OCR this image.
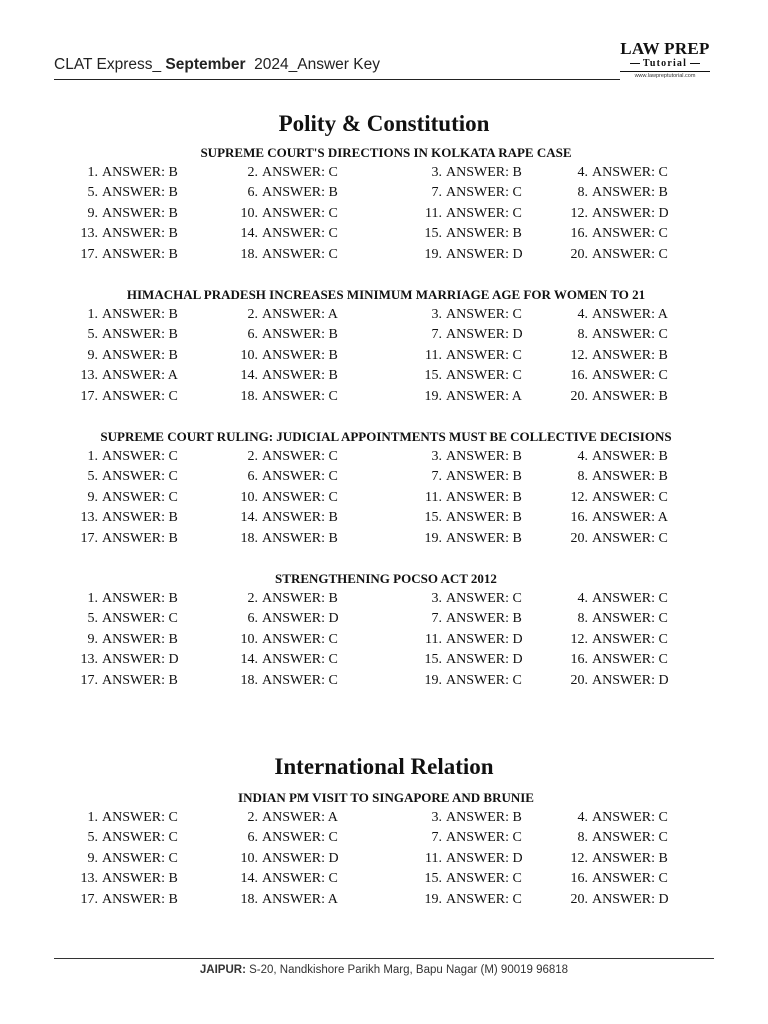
CLAT Express_ September  2024_Answer Key
LAW PREP
Tutorial
www.lawpreptutorial.com
Polity & Constitution
SUPREME COURT'S DIRECTIONS IN KOLKATA RAPE CASE
1. ANSWER: B	2. ANSWER: C	3. ANSWER: B	4. ANSWER: C
5. ANSWER: B	6. ANSWER: B	7. ANSWER: C	8. ANSWER: B
9. ANSWER: B	10. ANSWER: C	11. ANSWER: C	12. ANSWER: D
13. ANSWER: B	14. ANSWER: C	15. ANSWER: B	16. ANSWER: C
17. ANSWER: B	18. ANSWER: C	19. ANSWER: D	20. ANSWER: C
HIMACHAL PRADESH INCREASES MINIMUM MARRIAGE AGE FOR WOMEN TO 21
1. ANSWER: B	2. ANSWER: A	3. ANSWER: C	4. ANSWER: A
5. ANSWER: B	6. ANSWER: B	7. ANSWER: D	8. ANSWER: C
9. ANSWER: B	10. ANSWER: B	11. ANSWER: C	12. ANSWER: B
13. ANSWER: A	14. ANSWER: B	15. ANSWER: C	16. ANSWER: C
17. ANSWER: C	18. ANSWER: C	19. ANSWER: A	20. ANSWER: B
SUPREME COURT RULING: JUDICIAL APPOINTMENTS MUST BE COLLECTIVE DECISIONS
1. ANSWER: C	2. ANSWER: C	3. ANSWER: B	4. ANSWER: B
5. ANSWER: C	6. ANSWER: C	7. ANSWER: B	8. ANSWER: B
9. ANSWER: C	10. ANSWER: C	11. ANSWER: B	12. ANSWER: C
13. ANSWER: B	14. ANSWER: B	15. ANSWER: B	16. ANSWER: A
17. ANSWER: B	18. ANSWER: B	19. ANSWER: B	20. ANSWER: C
STRENGTHENING POCSO ACT 2012
1. ANSWER: B	2. ANSWER: B	3. ANSWER: C	4. ANSWER: C
5. ANSWER: C	6. ANSWER: D	7. ANSWER: B	8. ANSWER: C
9. ANSWER: B	10. ANSWER: C	11. ANSWER: D	12. ANSWER: C
13. ANSWER: D	14. ANSWER: C	15. ANSWER: D	16. ANSWER: C
17. ANSWER: B	18. ANSWER: C	19. ANSWER: C	20. ANSWER: D
International Relation
INDIAN PM VISIT TO SINGAPORE AND BRUNIE
1. ANSWER: C	2. ANSWER: A	3. ANSWER: B	4. ANSWER: C
5. ANSWER: C	6. ANSWER: C	7. ANSWER: C	8. ANSWER: C
9. ANSWER: C	10. ANSWER: D	11. ANSWER: D	12. ANSWER: B
13. ANSWER: B	14. ANSWER: C	15. ANSWER: C	16. ANSWER: C
17. ANSWER: B	18. ANSWER: A	19. ANSWER: C	20. ANSWER: D
JAIPUR: S-20, Nandkishore Parikh Marg, Bapu Nagar (M) 90019 96818
